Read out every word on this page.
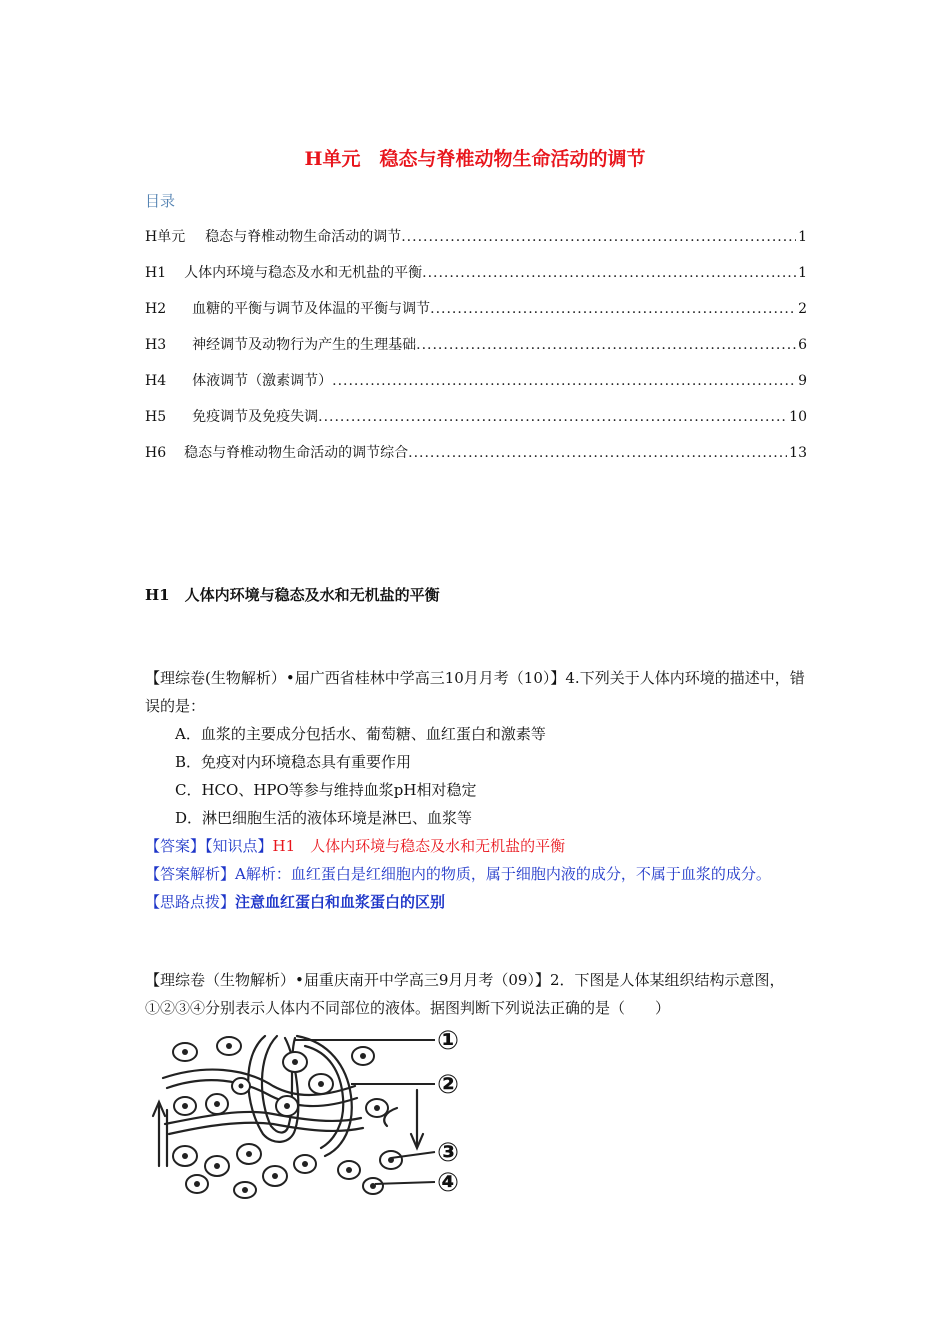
H单元　稳态与脊椎动物生命活动的调节
目录
H单元 稳态与脊椎动物生命活动的调节 .....	1
H1 人体内环境与稳态及水和无机盐的平衡 .....	1
H2 血糖的平衡与调节及体温的平衡与调节 .....	2
H3 神经调节及动物行为产生的生理基础 .....	6
H4 体液调节（激素调节） .....	9
H5 免疫调节及免疫失调 .....	10
H6 稳态与脊椎动物生命活动的调节综合 .....	13
H1　人体内环境与稳态及水和无机盐的平衡

【理综卷(生物解析）•届广西省桂林中学高三10月月考（10）】4.下列关于人体内环境的描述中，错误的是：

A．血浆的主要成分包括水、葡萄糖、血红蛋白和激素等

B．免疫对内环境稳态具有重要作用

C．HCO、HPO等参与维持血浆pH相对稳定

D．淋巴细胞生活的液体环境是淋巴、血浆等

【答案】【知识点】H1　人体内环境与稳态及水和无机盐的平衡

【答案解析】A解析：血红蛋白是红细胞内的物质，属于细胞内液的成分，不属于血浆的成分。

【思路点拨】注意血红蛋白和血浆蛋白的区别

【理综卷（生物解析）•届重庆南开中学高三9月月考（09）】2．下图是人体某组织结构示意图，①②③④分别表示人体内不同部位的液体。据图判断下列说法正确的是（　　）

①
②
③
④
